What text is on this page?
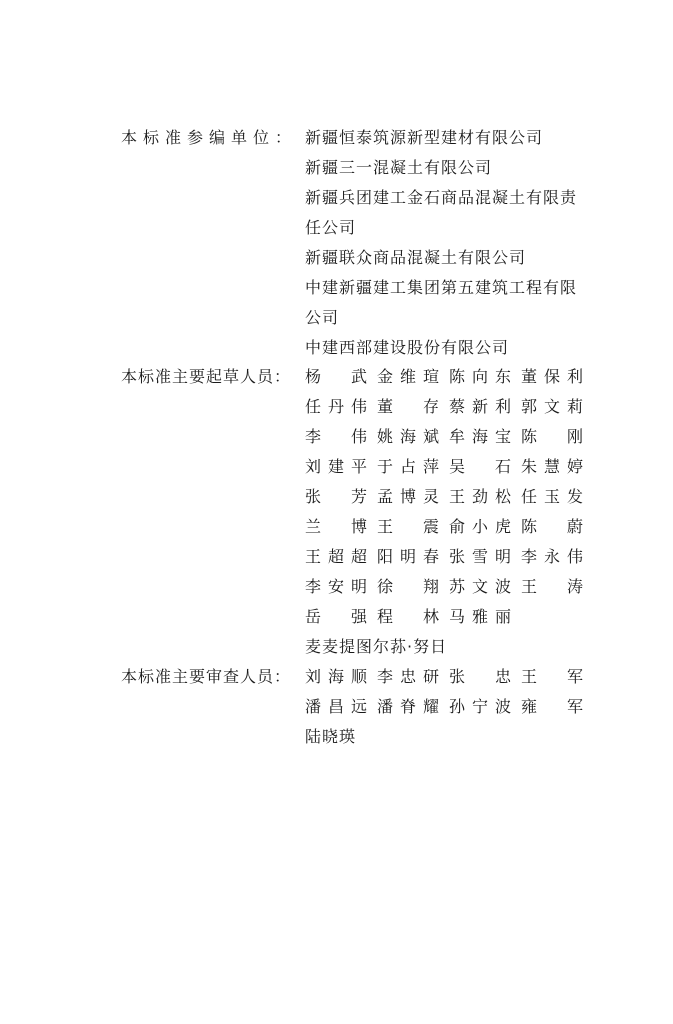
本标准参编单位： 新疆恒泰筑源新型建材有限公司
新疆三一混凝土有限公司
新疆兵团建工金石商品混凝土有限责
任公司
新疆联众商品混凝土有限公司
中建新疆建工集团第五建筑工程有限
公司
中建西部建设股份有限公司
本标准主要起草人员： 杨 武 金 维 瑄 陈 向 东 董 保 利
任 丹 伟 董 存 蔡 新 利 郭 文 莉
李 伟 姚 海 斌 牟 海 宝 陈 刚
刘 建 平 于 占 萍 吴 石 朱 慧 婷
张 芳 孟 博 灵 王 劲 松 任 玉 发
兰 博 王 震 俞 小 虎 陈 蔚
王 超 超 阳 明 春 张 雪 明 李 永 伟
李 安 明 徐 翔 苏 文 波 王 涛
岳 强 程 林 马 雅 丽
麦麦提图尔荪·努日
本标准主要审查人员： 刘 海 顺 李 忠 研 张 忠 王 军
潘 昌 远 潘 脊 耀 孙 宁 波 雍 军
陆晓瑛
